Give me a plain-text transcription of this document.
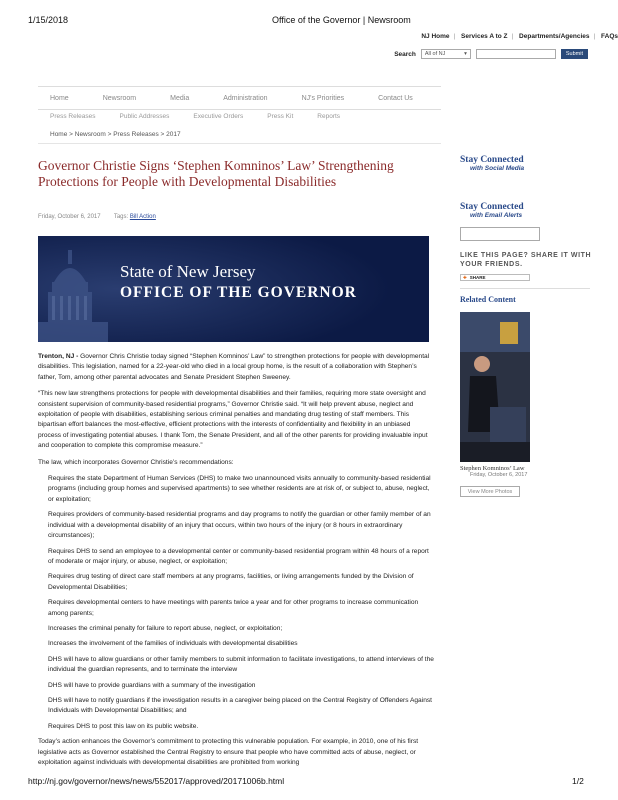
1/15/2018	Office of the Governor | Newsroom
NJ Home | Services A to Z | Departments/Agencies | FAQs
Search All of NJ	▾	Submit
Home	Newsroom	Media	Administration	NJ's Priorities	Contact Us
Press Releases	Public Addresses	Executive Orders	Press Kit	Reports
Home > Newsroom > Press Releases > 2017
Governor Christie Signs ‘Stephen Komninos’ Law’ Strengthening Protections for People with Developmental Disabilities
Friday, October 6, 2017 Tags: Bill Action
State of New Jersey
OFFICE OF THE GOVERNOR

Trenton, NJ - Governor Chris Christie today signed “Stephen Komninos’ Law” to strengthen protections for people with developmental disabilities. This legislation, named for a 22-year-old who died in a local group home, is the result of a collaboration with Stephen’s father, Tom, among other parental advocates and Senate President Stephen Sweeney.

“This new law strengthens protections for people with developmental disabilities and their families, requiring more state oversight and consistent supervision of community-based residential programs,” Governor Christie said. “It will help prevent abuse, neglect and exploitation of people with disabilities, establishing serious criminal penalties and mandating drug testing of staff members. This bipartisan effort balances the most-effective, efficient protections with the interests of confidentiality and flexibility in an unbiased process of investigating potential abuses. I thank Tom, the Senate President, and all of the other parents for providing invaluable input and cooperation to complete this compromise measure.”

The law, which incorporates Governor Christie’s recommendations:

Requires the state Department of Human Services (DHS) to make two unannounced visits annually to community-based residential programs (including group homes and supervised apartments) to see whether residents are at risk of, or subject to, abuse, neglect, or exploitation;
Requires providers of community-based residential programs and day programs to notify the guardian or other family member of an individual with a developmental disability of an injury that occurs, within two hours of the injury (or 8 hours in extraordinary circumstances);
Requires DHS to send an employee to a developmental center or community-based residential program within 48 hours of a report of moderate or major injury, or abuse, neglect, or exploitation;
Requires drug testing of direct care staff members at any programs, facilities, or living arrangements funded by the Division of Developmental Disabilities;
Requires developmental centers to have meetings with parents twice a year and for other programs to increase communication among parents;
Increases the criminal penalty for failure to report abuse, neglect, or exploitation;
Increases the involvement of the families of individuals with developmental disabilities
DHS will have to allow guardians or other family members to submit information to facilitate investigations, to attend interviews of the individual the guardian represents, and to terminate the interview
DHS will have to provide guardians with a summary of the investigation
DHS will have to notify guardians if the investigation results in a caregiver being placed on the Central Registry of Offenders Against Individuals with Developmental Disabilities; and
Requires DHS to post this law on its public website.

Today’s action enhances the Governor’s commitment to protecting this vulnerable population. For example, in 2010, one of his first legislative acts as Governor established the Central Registry to ensure that people who have committed acts of abuse, neglect, or exploitation against individuals with developmental disabilities are prohibited from working

Stay Connected
with Social Media
Stay Connected
with Email Alerts
LIKE THIS PAGE? SHARE IT WITH YOUR FRIENDS.
✚ SHARE
Related Content
Stephen Komninos’ Law
Friday, October 6, 2017
View More Photos
http://nj.gov/governor/news/news/552017/approved/20171006b.html	1/2
